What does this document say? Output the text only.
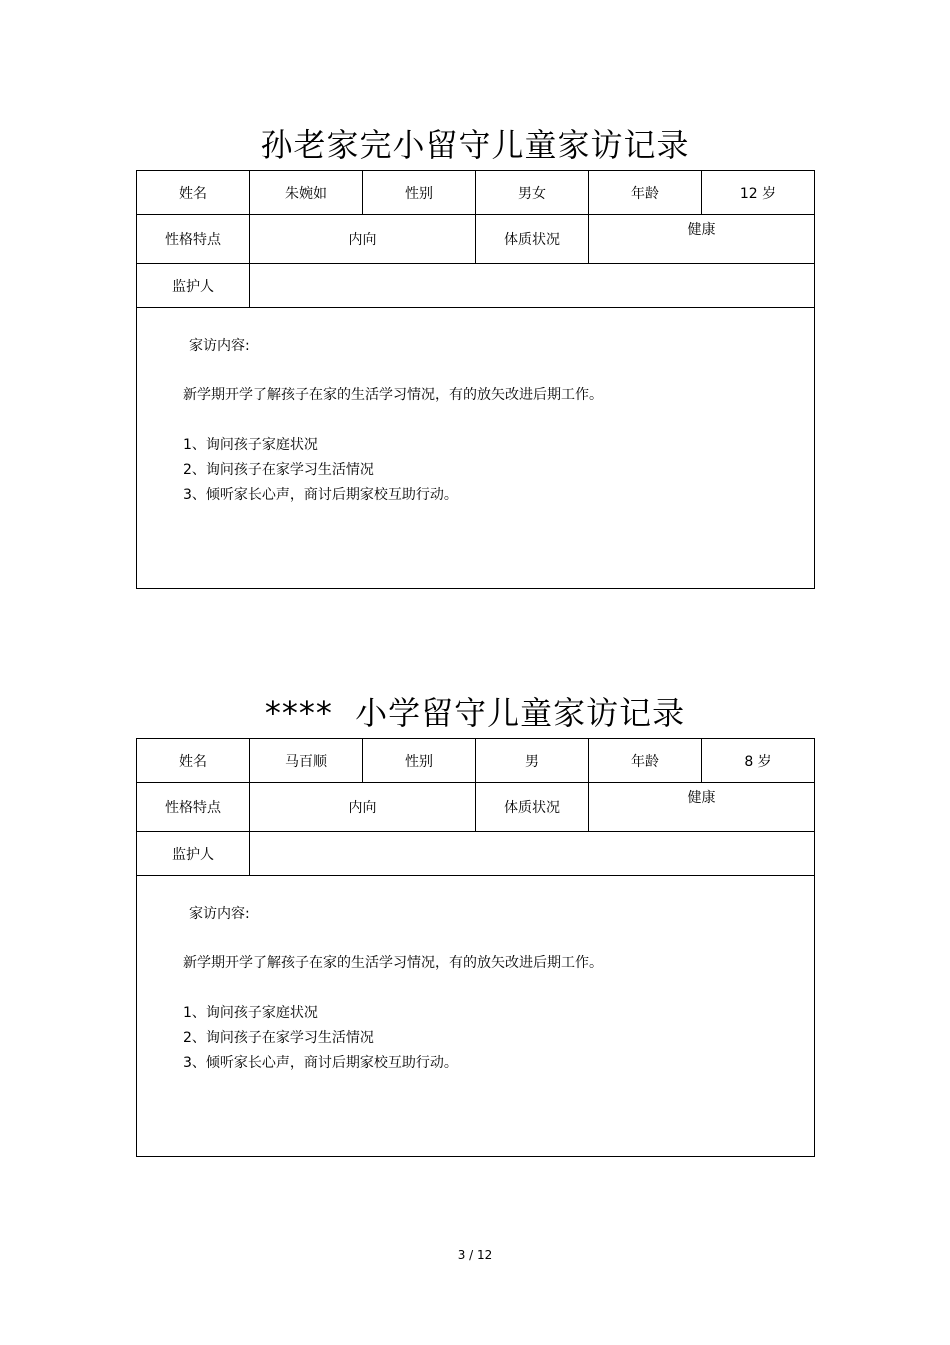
孙老家完小留守儿童家访记录
姓名	朱婉如	性别	男女	年龄	12 岁
性格特点	内向		体质状况	健康	
监护人					

家访内容:
新学期开学了解孩子在家的生活学习情况，有的放矢改进后期工作。
1、询问孩子家庭状况
2、询问孩子在家学习生活情况
3、倾听家长心声，商讨后期家校互助行动。					
****  小学留守儿童家访记录
姓名	马百顺	性别	男	年龄	8 岁
性格特点	内向		体质状况	健康	
监护人					

家访内容:
新学期开学了解孩子在家的生活学习情况，有的放矢改进后期工作。
1、询问孩子家庭状况
2、询问孩子在家学习生活情况
3、倾听家长心声，商讨后期家校互助行动。					
3 / 12
